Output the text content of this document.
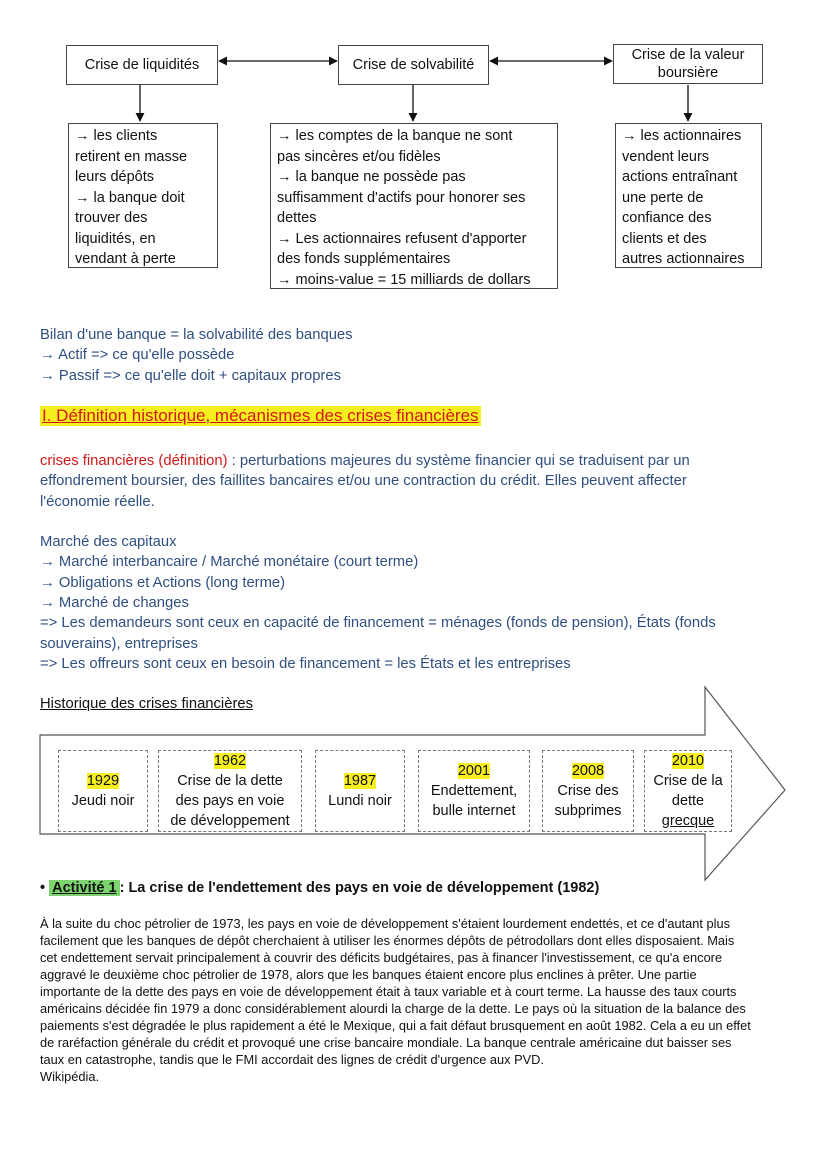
Crise de liquidités	Crise de solvabilité
Crise de la valeur
boursière
→ les clients
retirent en masse
leurs dépôts
→ la banque doit
trouver des
liquidités, en
vendant à perte
→ les comptes de la banque ne sont
pas sincères et/ou fidèles
→ la banque ne possède pas
suffisamment d'actifs pour honorer ses
dettes
→ Les actionnaires refusent d'apporter
des fonds supplémentaires
→ moins-value = 15 milliards de dollars
→ les actionnaires
vendent leurs
actions entraînant
une perte de
confiance des
clients et des
autres actionnaires
Bilan d'une banque = la solvabilité des banques
→ Actif => ce qu'elle possède
→ Passif => ce qu'elle doit + capitaux propres
I. Définition historique, mécanismes des crises financières
crises financières (définition) : perturbations majeures du système financier qui se traduisent par un
effondrement boursier, des faillites bancaires et/ou une contraction du crédit. Elles peuvent affecter
l'économie réelle.
Marché des capitaux
→ Marché interbancaire / Marché monétaire (court terme)
→ Obligations et Actions (long terme)
→ Marché de changes
=> Les demandeurs sont ceux en capacité de financement = ménages (fonds de pension), États (fonds
souverains), entreprises
=> Les offreurs sont ceux en besoin de financement = les États et les entreprises
Historique des crises financières
1929
Jeudi noir
1962
Crise de la dette
des pays en voie
de développement
1987
Lundi noir
2001
Endettement,
bulle internet
2008
Crise des
subprimes
2010
Crise de la
dette
grecque
• Activité 1 : La crise de l'endettement des pays en voie de développement (1982)
À la suite du choc pétrolier de 1973, les pays en voie de développement s'étaient lourdement endettés, et ce d'autant plus
facilement que les banques de dépôt cherchaient à utiliser les énormes dépôts de pétrodollars dont elles disposaient. Mais
cet endettement servait principalement à couvrir des déficits budgétaires, pas à financer l'investissement, ce qu'a encore
aggravé le deuxième choc pétrolier de 1978, alors que les banques étaient encore plus enclines à prêter. Une partie
importante de la dette des pays en voie de développement était à taux variable et à court terme. La hausse des taux courts
américains décidée fin 1979 a donc considérablement alourdi la charge de la dette. Le pays où la situation de la balance des
paiements s'est dégradée le plus rapidement a été le Mexique, qui a fait défaut brusquement en août 1982. Cela a eu un effet
de raréfaction générale du crédit et provoqué une crise bancaire mondiale. La banque centrale américaine dut baisser ses
taux en catastrophe, tandis que le FMI accordait des lignes de crédit d'urgence aux PVD.
Wikipédia.
